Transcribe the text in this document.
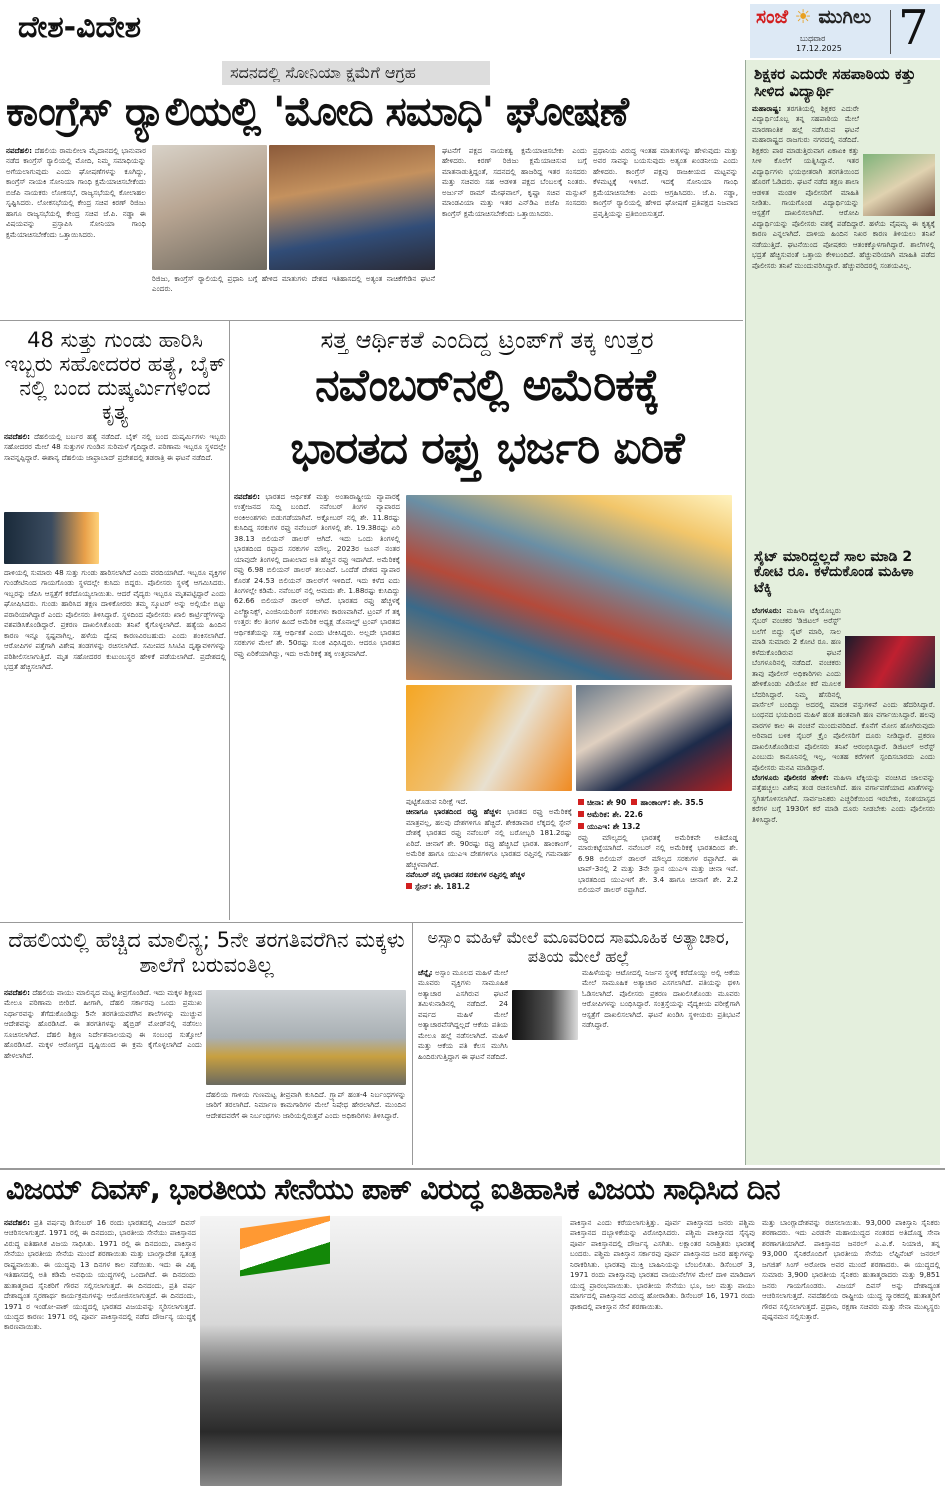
ದೇಶ-ವಿದೇಶ	ಸಂಜೆ ☀ ಮುಗಿಲು
ಬುಧವಾರ
17.12.2025 7
ಸದನದಲ್ಲಿ ಸೋನಿಯಾ ಕ್ಷಮೆಗೆ ಆಗ್ರಹ
ಕಾಂಗ್ರೆಸ್ ರ್‍ಯಾಲಿಯಲ್ಲಿ 'ಮೋದಿ ಸಮಾಧಿ' ಘೋಷಣೆ
ನವದೆಹಲಿ: ದೆಹಲಿಯ ರಾಮಲೀಲಾ ಮೈದಾನದಲ್ಲಿ ಭಾನುವಾರ ನಡೆದ ಕಾಂಗ್ರೆಸ್ ರ್‍ಯಾಲಿಯಲ್ಲಿ ಮೋದಿ, ನಿಮ್ಮ ಸಮಾಧಿಯನ್ನು ಅಗೆಯಲಾಗುವುದು ಎಂದು ಘೋಷಣೆಗಳನ್ನು ಕೂಗಿದ್ದು, ಕಾಂಗ್ರೆಸ್ ನಾಯಕಿ ಸೋನಿಯಾ ಗಾಂಧಿ ಕ್ಷಮೆಯಾಚಿಸಬೇಕೆಂದು ಬಿಜೆಪಿ ನಾಯಕರು ಲೋಕಸಭೆ, ರಾಜ್ಯಸಭೆಯಲ್ಲಿ ಕೋಲಾಹಲ ಸೃಷ್ಟಿಸಿದರು. ಲೋಕಸಭೆಯಲ್ಲಿ ಕೇಂದ್ರ ಸಚಿವ ಕಿರಣ್ ರಿಜಿಜು ಹಾಗೂ ರಾಜ್ಯಸಭೆಯಲ್ಲಿ ಕೇಂದ್ರ ಸಚಿವ ಜೆ.ಪಿ. ನಡ್ಡಾ ಈ ವಿಷಯವನ್ನು ಪ್ರಸ್ತಾಪಿಸಿ ಸೋನಿಯಾ ಗಾಂಧಿ ಕ್ಷಮೆಯಾಚಿಸಬೇಕೆಂದು ಒತ್ತಾಯಿಸಿದರು.
ರಿಜಿಜು, ಕಾಂಗ್ರೆಸ್ ರ್‍ಯಾಲಿಯಲ್ಲಿ ಪ್ರಧಾನಿ ಬಗ್ಗೆ ಹೇಳಿದ ಮಾತುಗಳು ದೇಶದ ಇತಿಹಾಸದಲ್ಲಿ ಅತ್ಯಂತ ನಾಚಿಕೆಗೇಡಿನ ಘಟನೆ ಎಂದರು.
ಘಟನೆಗೆ ಪಕ್ಷದ ನಾಯಕತ್ವ ಕ್ಷಮೆಯಾಚಿಸಬೇಕು ಎಂದು ಹೇಳಿದರು. ಕಿರಣ್ ರಿಜಿಜು ಕ್ಷಮೆಯಾಚಿಸುವ ಬಗ್ಗೆ ಮಾತನಾಡುತ್ತಿದ್ದಂತೆ, ಸದನದಲ್ಲಿ ಹಾಜರಿದ್ದ ಇತರ ಸಂಸದರು ಮತ್ತು ಸಚಿವರು ಸಹ ಆಡಳಿತ ಪಕ್ಷದ ಬೆಂಬಲಕ್ಕೆ ನಿಂತರು. ಅರ್ಜುನ್ ರಾಮ್ ಮೇಘವಾಲ್, ಕೃಷ್ಣಾ ಸಚಿವ ಮನ್ಸುಖ್ ಮಾಂಡವಿಯಾ ಮತ್ತು ಇತರ ಎನ್‌ಡಿಎ ಬಿಜೆಪಿ ಸಂಸದರು ಕಾಂಗ್ರೆಸ್ ಕ್ಷಮೆಯಾಚಿಸಬೇಕೆಂದು ಒತ್ತಾಯಿಸಿದರು.
ಪ್ರಧಾನಿಯ ವಿರುದ್ಧ ಇಂತಹ ಮಾತುಗಳನ್ನು ಹೇಳುವುದು ಮತ್ತು ಅವರ ಸಾವನ್ನು ಬಯಸುವುದು ಅತ್ಯಂತ ಖಂಡನೀಯ ಎಂದು ಹೇಳಿದರು. ಕಾಂಗ್ರೆಸ್ ಪಕ್ಷವು ರಾಜಕೀಯದ ಮಟ್ಟವನ್ನು ಕೆಳಮಟ್ಟಕ್ಕೆ ಇಳಿಸಿದೆ. ಇದಕ್ಕೆ ಸೋನಿಯಾ ಗಾಂಧಿ ಕ್ಷಮೆಯಾಚಿಸಬೇಕು ಎಂದು ಆಗ್ರಹಿಸಿದರು. ಜೆ.ಪಿ. ನಡ್ಡಾ, ಕಾಂಗ್ರೆಸ್ ರ್‍ಯಾಲಿಯಲ್ಲಿ ಹೇಳಿದ ಘೋಷಣೆ ಪ್ರತಿಪಕ್ಷದ ನಿಜವಾದ ಪ್ರವೃತ್ತಿಯನ್ನು ಪ್ರತಿಬಿಂಬಿಸುತ್ತದೆ.
48 ಸುತ್ತು ಗುಂಡು ಹಾರಿಸಿ ಇಬ್ಬರು ಸಹೋದರರ ಹತ್ಯೆ, ಬೈಕ್ ನಲ್ಲಿ ಬಂದ ದುಷ್ಕರ್ಮಿಗಳಿಂದ ಕೃತ್ಯ
ನವದೆಹಲಿ: ದೆಹಲಿಯಲ್ಲಿ ಬರ್ಬರ ಹತ್ಯೆ ನಡೆದಿದೆ. ಬೈಕ್ ನಲ್ಲಿ ಬಂದ ದುಷ್ಕರ್ಮಿಗಳು ಇಬ್ಬರು ಸಹೋದರರ ಮೇಲೆ 48 ಸುತ್ತುಗಳ ಗುಂಡಿನ ಸುರಿಮಳೆ ಗೈದಿದ್ದಾರೆ. ಪರಿಣಾಮ ಇಬ್ಬರೂ ಸ್ಥಳದಲ್ಲೇ ಸಾವನ್ನಪ್ಪಿದ್ದಾರೆ. ಈಶಾನ್ಯ ದೆಹಲಿಯ ಜಾಫ್ರಾಬಾದ್ ಪ್ರದೇಶದಲ್ಲಿ ತಡರಾತ್ರಿ ಈ ಘಟನೆ ನಡೆದಿದೆ.
ದಾಳಿಯಲ್ಲಿ ಸುಮಾರು 48 ಸುತ್ತು ಗುಂಡು ಹಾರಿಸಲಾಗಿದೆ ಎಂದು ವರದಿಯಾಗಿದೆ. ಇಬ್ಬರೂ ವ್ಯಕ್ತಿಗಳ ಗುಂಡೇಟಿನಿಂದ ಗಾಯಗೊಂಡು ಸ್ಥಳದಲ್ಲೇ ಕುಸಿದು ಬಿದ್ದರು. ಪೊಲೀಸರು ಸ್ಥಳಕ್ಕೆ ಆಗಮಿಸಿದರು. ಇಬ್ಬರನ್ನು ಜೆಪಿಸಿ ಆಸ್ಪತ್ರೆಗೆ ಕರೆದೊಯ್ಯಲಾಯಿತು. ಆದರೆ ವೈದ್ಯರು ಇಬ್ಬರೂ ಮೃತಪಟ್ಟಿದ್ದಾರೆ ಎಂದು ಘೋಷಿಸಿದರು. ಗುಂಡು ಹಾರಿಸಿದ ತಕ್ಷಣ ದಾಳಿಕೋರರು ತಮ್ಮ ಸ್ಕೂಟರ್ ಅನ್ನು ಅಲ್ಲಿಯೇ ಬಿಟ್ಟು ಪರಾರಿಯಾಗಿದ್ದಾರೆ ಎಂದು ಪೊಲೀಸರು ತಿಳಿಸಿದ್ದಾರೆ. ಸ್ಥಳದಿಂದ ಪೊಲೀಸರು ಖಾಲಿ ಕಾರ್ಟ್ರಿಡ್ಜ್‌ಗಳನ್ನು ವಶಪಡಿಸಿಕೊಂಡಿದ್ದಾರೆ. ಪ್ರಕರಣ ದಾಖಲಿಸಿಕೊಂಡು ತನಿಖೆ ಕೈಗೊಳ್ಳಲಾಗಿದೆ. ಹತ್ಯೆಯ ಹಿಂದಿನ ಕಾರಣ ಇನ್ನೂ ಸ್ಪಷ್ಟವಾಗಿಲ್ಲ. ಹಳೆಯ ದ್ವೇಷ ಕಾರಣವಿರಬಹುದು ಎಂದು ಶಂಕಿಸಲಾಗಿದೆ. ಆರೋಪಿಗಳ ಪತ್ತೆಗಾಗಿ ವಿಶೇಷ ತಂಡಗಳನ್ನು ರಚಿಸಲಾಗಿದೆ. ಸಮೀಪದ ಸಿಸಿಟಿವಿ ದೃಶ್ಯಾವಳಿಗಳನ್ನು ಪರಿಶೀಲಿಸಲಾಗುತ್ತಿದೆ. ಮೃತ ಸಹೋದರರ ಕುಟುಂಬಸ್ಥರ ಹೇಳಿಕೆ ಪಡೆಯಲಾಗಿದೆ. ಪ್ರದೇಶದಲ್ಲಿ ಭದ್ರತೆ ಹೆಚ್ಚಿಸಲಾಗಿದೆ.
ಸತ್ತ ಆರ್ಥಿಕತೆ ಎಂದಿದ್ದ ಟ್ರಂಪ್‌ಗೆ ತಕ್ಕ ಉತ್ತರ
ನವೆಂಬರ್‌ನಲ್ಲಿ ಅಮೆರಿಕಕ್ಕೆ
ಭಾರತದ ರಫ್ತು ಭರ್ಜರಿ ಏರಿಕೆ
ನವದೆಹಲಿ: ಭಾರತದ ಆರ್ಥಿಕತೆ ಮತ್ತು ಅಂತಾರಾಷ್ಟ್ರೀಯ ವ್ಯಾಪಾರಕ್ಕೆ ಉತ್ತೇಜನದ ಸುದ್ದಿ ಬಂದಿದೆ. ನವೆಂಬರ್ ತಿಂಗಳ ವ್ಯಾಪಾರದ ಅಂಕಿಅಂಶಗಳು ಬಿಡುಗಡೆಯಾಗಿವೆ. ಅಕ್ಟೋಬರ್ ನಲ್ಲಿ ಶೇ. 11.8ರಷ್ಟು ಕುಸಿದಿದ್ದ ಸರಕುಗಳ ರಫ್ತು ನವೆಂಬರ್ ತಿಂಗಳಲ್ಲಿ ಶೇ. 19.38ರಷ್ಟು ಏರಿ 38.13 ಬಿಲಿಯನ್ ಡಾಲರ್ ಆಗಿದೆ. ಇದು ಒಂದು ತಿಂಗಳಲ್ಲಿ ಭಾರತದಿಂದ ರಫ್ತಾದ ಸರಕುಗಳ ಮೌಲ್ಯ. 2023ರ ಜೂನ್ ನಂತರ ಯಾವುದೇ ತಿಂಗಳಲ್ಲಿ ದಾಖಲಾದ ಅತಿ ಹೆಚ್ಚಿನ ರಫ್ತು ಇದಾಗಿದೆ. ಅಮೆರಿಕಕ್ಕೆ ರಫ್ತು 6.98 ಬಿಲಿಯನ್ ಡಾಲರ್ ತಲುಪಿದೆ. ಒಂದೆಡೆ ದೇಶದ ವ್ಯಾಪಾರ ಕೊರತೆ 24.53 ಬಿಲಿಯನ್ ಡಾಲರ್‌ಗೆ ಇಳಿದಿದೆ. ಇದು ಕಳೆದ ಐದು ತಿಂಗಳಲ್ಲೇ ಕಡಿಮೆ. ನವೆಂಬರ್ ನಲ್ಲಿ ಆಮದು ಶೇ. 1.88ರಷ್ಟು ಕುಸಿದಿದ್ದು 62.66 ಬಿಲಿಯನ್ ಡಾಲರ್ ಆಗಿದೆ. ಭಾರತದ ರಫ್ತು ಹೆಚ್ಚಳಕ್ಕೆ ಎಲೆಕ್ಟ್ರಾನಿಕ್ಸ್, ಎಂಜಿನಿಯರಿಂಗ್ ಸರಕುಗಳು ಕಾರಣವಾಗಿವೆ. ಟ್ರಂಪ್ ಗೆ ತಕ್ಕ ಉತ್ತರ: ಕೆಲ ತಿಂಗಳ ಹಿಂದೆ ಅಮೆರಿಕ ಅಧ್ಯಕ್ಷ ಡೊನಾಲ್ಡ್ ಟ್ರಂಪ್ ಭಾರತದ ಆರ್ಥಿಕತೆಯನ್ನು ಸತ್ತ ಆರ್ಥಿಕತೆ ಎಂದು ಟೀಕಿಸಿದ್ದರು. ಅಲ್ಲದೇ ಭಾರತದ ಸರಕುಗಳ ಮೇಲೆ ಶೇ. 50ರಷ್ಟು ಸುಂಕ ವಿಧಿಸಿದ್ದರು. ಆದರೂ ಭಾರತದ ರಫ್ತು ಏರಿಕೆಯಾಗಿದ್ದು, ಇದು ಅಮೆರಿಕಕ್ಕೆ ತಕ್ಕ ಉತ್ತರವಾಗಿದೆ.
ಪುಟ್ಟಿಕೊಡುವ ನಿರೀಕ್ಷೆ ಇದೆ.
ಚೀನಾಗೂ ಭಾರತದಿಂದ ರಫ್ತು ಹೆಚ್ಚಳ: ಭಾರತದ ರಫ್ತು ಅಮೆರಿಕಕ್ಕೆ ಮಾತ್ರವಲ್ಲ, ಹಲವು ದೇಶಗಳಿಗೂ ಹೆಚ್ಚಿದೆ. ಶೇಕಡಾವಾರ ಲೆಕ್ಕದಲ್ಲಿ ಸ್ಪೇನ್ ದೇಶಕ್ಕೆ ಭಾರತದ ರಫ್ತು ನವೆಂಬರ್ ನಲ್ಲಿ ಬರೋಬ್ಬರಿ 181.2ರಷ್ಟು ಏರಿದೆ. ಚೀನಾಗೆ ಶೇ. 90ರಷ್ಟು ರಫ್ತು ಹೆಚ್ಚಿಸಿದೆ ಭಾರತ. ಹಾಂಕಾಂಗ್, ಅಮೆರಿಕ ಹಾಗೂ ಯುಎಇ ದೇಶಗಳಿಗೂ ಭಾರತದ ರಫ್ತಿನಲ್ಲಿ ಗಮನಾರ್ಹ ಹೆಚ್ಚಳವಾಗಿದೆ.
ನವೆಂಬರ್ ನಲ್ಲಿ ಭಾರತದ ಸರಕುಗಳ ರಫ್ತಿನಲ್ಲಿ ಹೆಚ್ಚಳ
ಸ್ಪೇನ್: ಶೇ. 181.2
ಚೀನಾ: ಶೇ 90 ಹಾಂಕಾಂಗ್: ಶೇ. 35.5
ಅಮೆರಿಕ: ಶೇ. 22.6
ಯುಎಇ: ಶೇ 13.2
ರಫ್ತು ಮೌಲ್ಯದಲ್ಲಿ ಭಾರತಕ್ಕೆ ಅಮೆರಿಕವೇ ಅತಿದೊಡ್ಡ ಮಾರುಕಟ್ಟೆಯಾಗಿದೆ. ನವೆಂಬರ್ ನಲ್ಲಿ ಅಮೆರಿಕಕ್ಕೆ ಭಾರತದಿಂದ ಶೇ. 6.98 ಬಿಲಿಯನ್ ಡಾಲರ್ ಮೌಲ್ಯದ ಸರಕುಗಳ ರಫ್ತಾಗಿದೆ. ಈ ಟಾಪ್-3ನಲ್ಲಿ 2 ಮತ್ತು 3ನೇ ಸ್ಥಾನ ಯುಎಇ ಮತ್ತು ಚೀನಾ ಇವೆ. ಭಾರತದಿಂದ ಯುಎಇಗೆ ಶೇ. 3.4 ಹಾಗೂ ಚೀನಾಗೆ ಶೇ. 2.2 ಬಿಲಿಯನ್ ಡಾಲರ್ ರಫ್ತಾಗಿದೆ.
ದೆಹಲಿಯಲ್ಲಿ ಹೆಚ್ಚಿದ ಮಾಲಿನ್ಯ; 5ನೇ ತರಗತಿವರೆಗಿನ ಮಕ್ಕಳು ಶಾಲೆಗೆ ಬರುವಂತಿಲ್ಲ
ನವದೆಹಲಿ: ದೆಹಲಿಯ ವಾಯು ಮಾಲಿನ್ಯದ ಮಟ್ಟ ತೀವ್ರಗೊಂಡಿದೆ. ಇದು ಮಕ್ಕಳ ಶಿಕ್ಷಣದ ಮೇಲೂ ಪರಿಣಾಮ ಬೀರಿದೆ. ಹೀಗಾಗಿ, ದೆಹಲಿ ಸರ್ಕಾರವು ಒಂದು ಪ್ರಮುಖ ನಿರ್ಧಾರವನ್ನು ತೆಗೆದುಕೊಂಡಿದ್ದು 5ನೇ ತರಗತಿಯವರೆಗಿನ ಶಾಲೆಗಳನ್ನು ಮುಚ್ಚುವ ಆದೇಶವನ್ನು ಹೊರಡಿಸಿದೆ. ಈ ತರಗತಿಗಳನ್ನು ಹೈಬ್ರಿಡ್ ಮೋಡ್‌ನಲ್ಲಿ ನಡೆಸಲು ಸೂಚಿಸಲಾಗಿದೆ. ದೆಹಲಿ ಶಿಕ್ಷಣ ನಿರ್ದೇಶನಾಲಯವು ಈ ಸಂಬಂಧ ಸುತ್ತೋಲೆ ಹೊರಡಿಸಿದೆ. ಮಕ್ಕಳ ಆರೋಗ್ಯದ ದೃಷ್ಟಿಯಿಂದ ಈ ಕ್ರಮ ಕೈಗೊಳ್ಳಲಾಗಿದೆ ಎಂದು ಹೇಳಲಾಗಿದೆ.
ದೆಹಲಿಯ ಗಾಳಿಯ ಗುಣಮಟ್ಟ ತೀವ್ರವಾಗಿ ಕುಸಿದಿದೆ. ಗ್ರ್ಯಾಪ್ ಹಂತ-4 ನಿರ್ಬಂಧಗಳನ್ನು ಜಾರಿಗೆ ತರಲಾಗಿದೆ. ನಿರ್ಮಾಣ ಕಾಮಗಾರಿಗಳ ಮೇಲೆ ನಿಷೇಧ ಹೇರಲಾಗಿದೆ. ಮುಂದಿನ ಆದೇಶದವರೆಗೆ ಈ ನಿರ್ಬಂಧಗಳು ಜಾರಿಯಲ್ಲಿರುತ್ತವೆ ಎಂದು ಅಧಿಕಾರಿಗಳು ತಿಳಿಸಿದ್ದಾರೆ.
ಅಸ್ಸಾಂ ಮಹಿಳೆ ಮೇಲೆ ಮೂವರಿಂದ ಸಾಮೂಹಿಕ ಅತ್ಯಾಚಾರ, ಪತಿಯ ಮೇಲೆ ಹಲ್ಲೆ
ಚೆನ್ನೈ: ಅಸ್ಸಾಂ ಮೂಲದ ಮಹಿಳೆ ಮೇಲೆ ಮೂವರು ವ್ಯಕ್ತಿಗಳು ಸಾಮೂಹಿಕ ಅತ್ಯಾಚಾರ ಎಸಗಿರುವ ಘಟನೆ ತಮಿಳುನಾಡಿನಲ್ಲಿ ನಡೆದಿದೆ. 24 ವರ್ಷದ ಮಹಿಳೆ ಮೇಲೆ ಅತ್ಯಾಚಾರವೆಸಗಿದ್ದಲ್ಲದೆ ಆಕೆಯ ಪತಿಯ ಮೇಲೂ ಹಲ್ಲೆ ನಡೆಸಲಾಗಿದೆ. ಮಹಿಳೆ ಮತ್ತು ಆಕೆಯ ಪತಿ ಕೆಲಸ ಮುಗಿಸಿ ಹಿಂದಿರುಗುತ್ತಿದ್ದಾಗ ಈ ಘಟನೆ ನಡೆದಿದೆ.
ಮಹಿಳೆಯನ್ನು ಆಟೋದಲ್ಲಿ ನಿರ್ಜನ ಸ್ಥಳಕ್ಕೆ ಕರೆದೊಯ್ದು ಅಲ್ಲಿ ಆಕೆಯ ಮೇಲೆ ಸಾಮೂಹಿಕ ಅತ್ಯಾಚಾರ ಎಸಗಲಾಗಿದೆ. ಪತಿಯನ್ನು ಥಳಿಸಿ ಓಡಿಸಲಾಗಿದೆ. ಪೊಲೀಸರು ಪ್ರಕರಣ ದಾಖಲಿಸಿಕೊಂಡು ಮೂವರು ಆರೋಪಿಗಳನ್ನು ಬಂಧಿಸಿದ್ದಾರೆ. ಸಂತ್ರಸ್ತೆಯನ್ನು ವೈದ್ಯಕೀಯ ಪರೀಕ್ಷೆಗಾಗಿ ಆಸ್ಪತ್ರೆಗೆ ದಾಖಲಿಸಲಾಗಿದೆ. ಘಟನೆ ಖಂಡಿಸಿ ಸ್ಥಳೀಯರು ಪ್ರತಿಭಟನೆ ನಡೆಸಿದ್ದಾರೆ.
ಶಿಕ್ಷಕರ ಎದುರೇ ಸಹಪಾಠಿಯ ಕತ್ತು ಸೀಳಿದ ವಿದ್ಯಾರ್ಥಿ
ಮಹಾರಾಷ್ಟ್ರ: ತರಗತಿಯಲ್ಲಿ ಶಿಕ್ಷಕರ ಎದುರೇ ವಿದ್ಯಾರ್ಥಿಯೊಬ್ಬ ತನ್ನ ಸಹಪಾಠಿಯ ಮೇಲೆ ಮಾರಣಾಂತಿಕ ಹಲ್ಲೆ ನಡೆಸಿರುವ ಘಟನೆ ಮಹಾರಾಷ್ಟ್ರದ ರಾಜಗುರು ನಗರದಲ್ಲಿ ನಡೆದಿದೆ. ಶಿಕ್ಷಕರು ಪಾಠ ಮಾಡುತ್ತಿರುವಾಗ ಏಕಾಏಕಿ ಕತ್ತು ಸೀಳಿ ಕೊಲೆಗೆ ಯತ್ನಿಸಿದ್ದಾನೆ. ಇತರ ವಿದ್ಯಾರ್ಥಿಗಳು ಭಯಭೀತರಾಗಿ ತರಗತಿಯಿಂದ ಹೊರಗೆ ಓಡಿದರು. ಘಟನೆ ನಡೆದ ತಕ್ಷಣ ಶಾಲಾ ಆಡಳಿತ ಮಂಡಳಿ ಪೊಲೀಸರಿಗೆ ಮಾಹಿತಿ ನೀಡಿತು. ಗಾಯಗೊಂಡ ವಿದ್ಯಾರ್ಥಿಯನ್ನು ಆಸ್ಪತ್ರೆಗೆ ದಾಖಲಿಸಲಾಗಿದೆ. ಆರೋಪಿ ವಿದ್ಯಾರ್ಥಿಯನ್ನು ಪೊಲೀಸರು ವಶಕ್ಕೆ ಪಡೆದಿದ್ದಾರೆ. ಹಳೆಯ ವೈಷಮ್ಯ ಈ ಕೃತ್ಯಕ್ಕೆ ಕಾರಣ ಎನ್ನಲಾಗಿದೆ. ದಾಳಿಯ ಹಿಂದಿನ ನಿಖರ ಕಾರಣ ತಿಳಿಯಲು ತನಿಖೆ ನಡೆಯುತ್ತಿದೆ. ಘಟನೆಯಿಂದ ಪೋಷಕರು ಆತಂಕಕ್ಕೊಳಗಾಗಿದ್ದಾರೆ. ಶಾಲೆಗಳಲ್ಲಿ ಭದ್ರತೆ ಹೆಚ್ಚಿಸುವಂತೆ ಒತ್ತಾಯ ಕೇಳಿಬಂದಿದೆ. ಹೆಚ್ಚುವರಿಯಾಗಿ ಮಾಹಿತಿ ಪಡೆದ ಪೊಲೀಸರು ತನಿಖೆ ಮುಂದುವರಿಸಿದ್ದಾರೆ. ಹೆಚ್ಚುವರಿದರಲ್ಲಿ ಸಂಶಯವಿಲ್ಲ.
ಸೈಟ್ ಮಾರಿದ್ದಲ್ಲದೆ ಸಾಲ ಮಾಡಿ 2 ಕೋಟಿ ರೂ. ಕಳೆದುಕೊಂಡ ಮಹಿಳಾ ಟೆಕ್ಕಿ
ಬೆಂಗಳೂರು: ಮಹಿಳಾ ಟೆಕ್ಕಿಯೊಬ್ಬರು ಸೈಬರ್ ವಂಚಕರ 'ಡಿಜಿಟಲ್ ಅರೆಸ್ಟ್' ಬಲೆಗೆ ಬಿದ್ದು ಸೈಟ್ ಮಾರಿ, ಸಾಲ ಮಾಡಿ ಸುಮಾರು 2 ಕೋಟಿ ರೂ. ಹಣ ಕಳೆದುಕೊಂಡಿರುವ ಘಟನೆ ಬೆಂಗಳೂರಿನಲ್ಲಿ ನಡೆದಿದೆ. ವಂಚಕರು ತಾವು ಪೊಲೀಸ್ ಅಧಿಕಾರಿಗಳು ಎಂದು ಹೇಳಿಕೊಂಡು ವಿಡಿಯೋ ಕರೆ ಮೂಲಕ ಬೆದರಿಸಿದ್ದಾರೆ. ನಿಮ್ಮ ಹೆಸರಿನಲ್ಲಿ ಪಾರ್ಸೆಲ್ ಬಂದಿದ್ದು ಅದರಲ್ಲಿ ಮಾದಕ ವಸ್ತುಗಳಿವೆ ಎಂದು ಹೆದರಿಸಿದ್ದಾರೆ. ಬಂಧನದ ಭಯದಿಂದ ಮಹಿಳೆ ಹಂತ ಹಂತವಾಗಿ ಹಣ ವರ್ಗಾಯಿಸಿದ್ದಾರೆ. ಹಲವು ವಾರಗಳ ಕಾಲ ಈ ವಂಚನೆ ಮುಂದುವರಿದಿದೆ. ಕೊನೆಗೆ ಮೋಸ ಹೋಗಿರುವುದು ಅರಿವಾದ ಬಳಿಕ ಸೈಬರ್ ಕ್ರೈಂ ಪೊಲೀಸರಿಗೆ ದೂರು ನೀಡಿದ್ದಾರೆ. ಪ್ರಕರಣ ದಾಖಲಿಸಿಕೊಂಡಿರುವ ಪೊಲೀಸರು ತನಿಖೆ ಆರಂಭಿಸಿದ್ದಾರೆ. ಡಿಜಿಟಲ್ ಅರೆಸ್ಟ್ ಎಂಬುದು ಕಾನೂನಿನಲ್ಲಿ ಇಲ್ಲ, ಇಂತಹ ಕರೆಗಳಿಗೆ ಸ್ಪಂದಿಸಬಾರದು ಎಂದು ಪೊಲೀಸರು ಮನವಿ ಮಾಡಿದ್ದಾರೆ.
ಬೆಂಗಳೂರು ಪೊಲೀಸರ ಹೇಳಿಕೆ: ಮಹಿಳಾ ಟೆಕ್ಕಿಯನ್ನು ವಂಚಿಸಿದ ಜಾಲವನ್ನು ಪತ್ತೆಹಚ್ಚಲು ವಿಶೇಷ ತಂಡ ರಚಿಸಲಾಗಿದೆ. ಹಣ ವರ್ಗಾವಣೆಯಾದ ಖಾತೆಗಳನ್ನು ಸ್ಥಗಿತಗೊಳಿಸಲಾಗಿದೆ. ಸಾರ್ವಜನಿಕರು ಎಚ್ಚರಿಕೆಯಿಂದ ಇರಬೇಕು, ಸಂಶಯಾಸ್ಪದ ಕರೆಗಳ ಬಗ್ಗೆ 1930ಗೆ ಕರೆ ಮಾಡಿ ದೂರು ನೀಡಬೇಕು ಎಂದು ಪೊಲೀಸರು ತಿಳಿಸಿದ್ದಾರೆ.
ವಿಜಯ್ ದಿವಸ್, ಭಾರತೀಯ ಸೇನೆಯು ಪಾಕ್ ವಿರುದ್ಧ ಐತಿಹಾಸಿಕ ವಿಜಯ ಸಾಧಿಸಿದ ದಿನ
ನವದೆಹಲಿ: ಪ್ರತಿ ವರ್ಷವು ಡಿಸೆಂಬರ್ 16 ರಂದು ಭಾರತದಲ್ಲಿ ವಿಜಯ್ ದಿವಸ್ ಆಚರಿಸಲಾಗುತ್ತದೆ. 1971 ರಲ್ಲಿ ಈ ದಿನದಂದು, ಭಾರತೀಯ ಸೇನೆಯು ಪಾಕಿಸ್ತಾನದ ವಿರುದ್ಧ ಐತಿಹಾಸಿಕ ವಿಜಯ ಸಾಧಿಸಿತು. 1971 ರಲ್ಲಿ ಈ ದಿನದಂದು, ಪಾಕಿಸ್ತಾನ ಸೇನೆಯು ಭಾರತೀಯ ಸೇನೆಯ ಮುಂದೆ ಶರಣಾಯಿತು ಮತ್ತು ಬಾಂಗ್ಲಾದೇಶ ಸ್ವತಂತ್ರ ರಾಷ್ಟ್ರವಾಯಿತು. ಈ ಯುದ್ಧವು 13 ದಿನಗಳ ಕಾಲ ನಡೆಯಿತು. ಇದು ಈ ವಿಶ್ವ ಇತಿಹಾಸದಲ್ಲಿ ಅತಿ ಕಡಿಮೆ ಅವಧಿಯ ಯುದ್ಧಗಳಲ್ಲಿ ಒಂದಾಗಿದೆ. ಈ ದಿನದಂದು ಹುತಾತ್ಮರಾದ ಸೈನಿಕರಿಗೆ ಗೌರವ ಸಲ್ಲಿಸಲಾಗುತ್ತದೆ. ಈ ದಿನದಂದು, ಪ್ರತಿ ವರ್ಷ ದೇಶಾದ್ಯಂತ ಸ್ಮರಣಾರ್ಥ ಕಾರ್ಯಕ್ರಮಗಳನ್ನು ಆಯೋಜಿಸಲಾಗುತ್ತದೆ. ಈ ದಿನದಂದು, 1971 ರ ಇಂಡೋ-ಪಾಕ್ ಯುದ್ಧದಲ್ಲಿ ಭಾರತದ ವಿಜಯವನ್ನು ಸ್ಮರಿಸಲಾಗುತ್ತದೆ. ಯುದ್ಧದ ಕಾರಣ: 1971 ರಲ್ಲಿ ಪೂರ್ವ ಪಾಕಿಸ್ತಾನದಲ್ಲಿ ನಡೆದ ದೌರ್ಜನ್ಯ ಯುದ್ಧಕ್ಕೆ ಕಾರಣವಾಯಿತು.
ಪಾಕಿಸ್ತಾನ ಎಂದು ಕರೆಯಲಾಗುತ್ತಿತ್ತು. ಪೂರ್ವ ಪಾಕಿಸ್ತಾನದ ಜನರು ಪಶ್ಚಿಮ ಪಾಕಿಸ್ತಾನದ ದಬ್ಬಾಳಿಕೆಯನ್ನು ವಿರೋಧಿಸಿದರು. ಪಶ್ಚಿಮ ಪಾಕಿಸ್ತಾನದ ಸೈನ್ಯವು ಪೂರ್ವ ಪಾಕಿಸ್ತಾನದಲ್ಲಿ ದೌರ್ಜನ್ಯ ಎಸಗಿತು. ಲಕ್ಷಾಂತರ ನಿರಾಶ್ರಿತರು ಭಾರತಕ್ಕೆ ಬಂದರು. ಪಶ್ಚಿಮ ಪಾಕಿಸ್ತಾನ ಸರ್ಕಾರವು ಪೂರ್ವ ಪಾಕಿಸ್ತಾನದ ಜನರ ಹಕ್ಕುಗಳನ್ನು ನಿರಾಕರಿಸಿತು. ಭಾರತವು ಮುಕ್ತಿ ಬಾಹಿನಿಯನ್ನು ಬೆಂಬಲಿಸಿತು. ಡಿಸೆಂಬರ್ 3, 1971 ರಂದು ಪಾಕಿಸ್ತಾನವು ಭಾರತದ ವಾಯುನೆಲೆಗಳ ಮೇಲೆ ದಾಳಿ ಮಾಡಿದಾಗ ಯುದ್ಧ ಪ್ರಾರಂಭವಾಯಿತು. ಭಾರತೀಯ ಸೇನೆಯು ಭೂ, ಜಲ ಮತ್ತು ವಾಯು ಮಾರ್ಗದಲ್ಲಿ ಪಾಕಿಸ್ತಾನದ ವಿರುದ್ಧ ಹೋರಾಡಿತು. ಡಿಸೆಂಬರ್ 16, 1971 ರಂದು ಢಾಕಾದಲ್ಲಿ ಪಾಕಿಸ್ತಾನ ಸೇನೆ ಶರಣಾಯಿತು.
ಮತ್ತು ಬಾಂಗ್ಲಾದೇಶವನ್ನು ರಚಿಸಲಾಯಿತು. 93,000 ಪಾಕಿಸ್ತಾನಿ ಸೈನಿಕರು ಶರಣಾದರು. ಇದು ಎರಡನೇ ಮಹಾಯುದ್ಧದ ನಂತರದ ಅತಿದೊಡ್ಡ ಸೇನಾ ಶರಣಾಗತಿಯಾಗಿದೆ. ಪಾಕಿಸ್ತಾನದ ಜನರಲ್ ಎ.ಎ.ಕೆ. ನಿಯಾಜಿ, ತನ್ನ 93,000 ಸೈನಿಕರೊಂದಿಗೆ ಭಾರತೀಯ ಸೇನೆಯ ಲೆಫ್ಟಿನೆಂಟ್ ಜನರಲ್ ಜಗಜಿತ್ ಸಿಂಗ್ ಅರೋರಾ ಅವರ ಮುಂದೆ ಶರಣಾದರು. ಈ ಯುದ್ಧದಲ್ಲಿ ಸುಮಾರು 3,900 ಭಾರತೀಯ ಸೈನಿಕರು ಹುತಾತ್ಮರಾದರು ಮತ್ತು 9,851 ಜನರು ಗಾಯಗೊಂಡರು. ವಿಜಯ್ ದಿವಸ್ ಅನ್ನು ದೇಶಾದ್ಯಂತ ಆಚರಿಸಲಾಗುತ್ತದೆ. ನವದೆಹಲಿಯ ರಾಷ್ಟ್ರೀಯ ಯುದ್ಧ ಸ್ಮಾರಕದಲ್ಲಿ ಹುತಾತ್ಮರಿಗೆ ಗೌರವ ಸಲ್ಲಿಸಲಾಗುತ್ತದೆ. ಪ್ರಧಾನಿ, ರಕ್ಷಣಾ ಸಚಿವರು ಮತ್ತು ಸೇನಾ ಮುಖ್ಯಸ್ಥರು ಪುಷ್ಪನಮನ ಸಲ್ಲಿಸುತ್ತಾರೆ.
